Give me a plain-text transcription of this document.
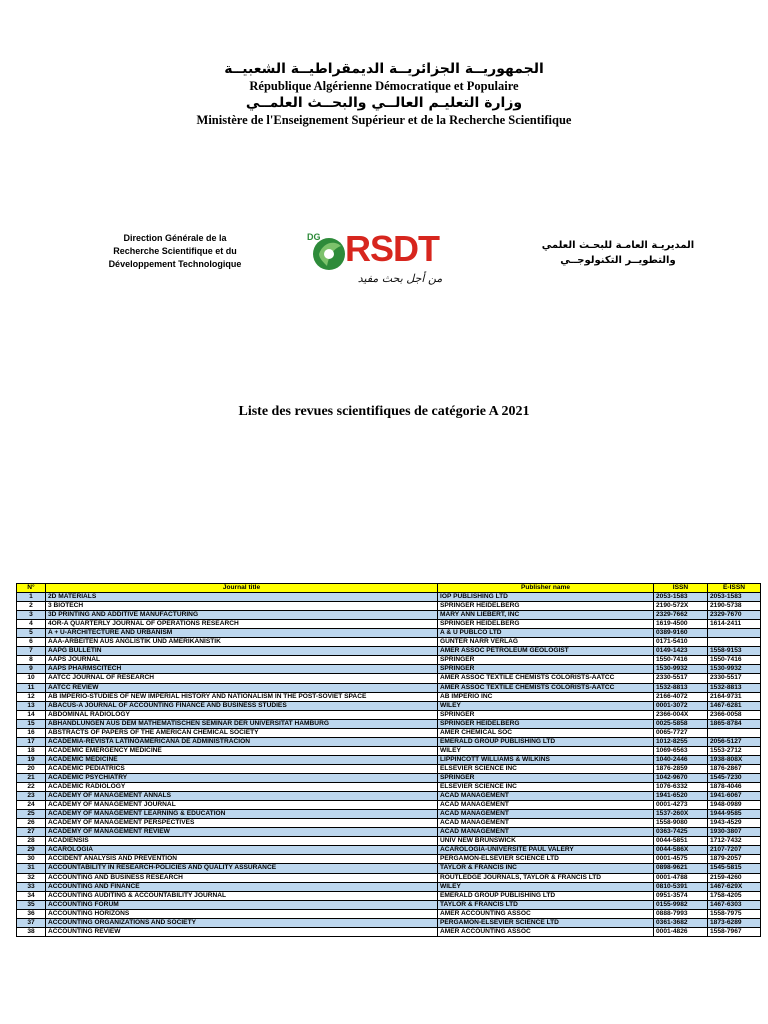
الجمهوريــة الجزائريــة الديمقراطيــة الشعبيــة
République Algérienne Démocratique et Populaire
وزارة التعليـم العالــي والبحــث العلمــي
Ministère de l'Enseignement Supérieur et de la Recherche Scientifique
Direction Générale de la
Recherche Scientifique et du
Développement Technologique
DG RSDT
من أجل بحث مفيد
المديريـة العامـة للبحـث العلمي
والتطويــر التكنولوجــي
Liste des revues scientifiques de catégorie A 2021
N°	Journal title	Publisher name	ISSN	E-ISSN
1	2D MATERIALS	IOP PUBLISHING LTD	2053-1583	2053-1583
2	3 BIOTECH	SPRINGER HEIDELBERG	2190-572X	2190-5738
3	3D PRINTING AND ADDITIVE MANUFACTURING	MARY ANN LIEBERT, INC	2329-7662	2329-7670
4	4OR-A QUARTERLY JOURNAL OF OPERATIONS RESEARCH	SPRINGER HEIDELBERG	1619-4500	1614-2411
5	A + U-ARCHITECTURE AND URBANISM	A & U PUBLCO LTD	0389-9160	
6	AAA-ARBEITEN AUS ANGLISTIK UND AMERIKANISTIK	GUNTER NARR VERLAG	0171-5410	
7	AAPG BULLETIN	AMER ASSOC PETROLEUM GEOLOGIST	0149-1423	1558-9153
8	AAPS JOURNAL	SPRINGER	1550-7416	1550-7416
9	AAPS PHARMSCITECH	SPRINGER	1530-9932	1530-9932
10	AATCC JOURNAL OF RESEARCH	AMER ASSOC TEXTILE CHEMISTS COLORISTS-AATCC	2330-5517	2330-5517
11	AATCC REVIEW	AMER ASSOC TEXTILE CHEMISTS COLORISTS-AATCC	1532-8813	1532-8813
12	AB IMPERIO-STUDIES OF NEW IMPERIAL HISTORY AND NATIONALISM IN THE POST-SOVIET SPACE	AB IMPERIO INC	2166-4072	2164-9731
13	ABACUS-A JOURNAL OF ACCOUNTING FINANCE AND BUSINESS STUDIES	WILEY	0001-3072	1467-6281
14	ABDOMINAL RADIOLOGY	SPRINGER	2366-004X	2366-0058
15	ABHANDLUNGEN AUS DEM MATHEMATISCHEN SEMINAR DER UNIVERSITAT HAMBURG	SPRINGER HEIDELBERG	0025-5858	1865-8784
16	ABSTRACTS OF PAPERS OF THE AMERICAN CHEMICAL SOCIETY	AMER CHEMICAL SOC	0065-7727	
17	ACADEMIA-REVISTA LATINOAMERICANA DE ADMINISTRACION	EMERALD GROUP PUBLISHING LTD	1012-8255	2056-5127
18	ACADEMIC EMERGENCY MEDICINE	WILEY	1069-6563	1553-2712
19	ACADEMIC MEDICINE	LIPPINCOTT WILLIAMS & WILKINS	1040-2446	1938-808X
20	ACADEMIC PEDIATRICS	ELSEVIER SCIENCE INC	1876-2859	1876-2867
21	ACADEMIC PSYCHIATRY	SPRINGER	1042-9670	1545-7230
22	ACADEMIC RADIOLOGY	ELSEVIER SCIENCE INC	1076-6332	1878-4046
23	ACADEMY OF MANAGEMENT ANNALS	ACAD MANAGEMENT	1941-6520	1941-6067
24	ACADEMY OF MANAGEMENT JOURNAL	ACAD MANAGEMENT	0001-4273	1948-0989
25	ACADEMY OF MANAGEMENT LEARNING & EDUCATION	ACAD MANAGEMENT	1537-260X	1944-9585
26	ACADEMY OF MANAGEMENT PERSPECTIVES	ACAD MANAGEMENT	1558-9080	1943-4529
27	ACADEMY OF MANAGEMENT REVIEW	ACAD MANAGEMENT	0363-7425	1930-3807
28	ACADIENSIS	UNIV NEW BRUNSWICK	0044-5851	1712-7432
29	ACAROLOGIA	ACAROLOGIA-UNIVERSITE PAUL VALERY	0044-586X	2107-7207
30	ACCIDENT ANALYSIS AND PREVENTION	PERGAMON-ELSEVIER SCIENCE LTD	0001-4575	1879-2057
31	ACCOUNTABILITY IN RESEARCH-POLICIES AND QUALITY ASSURANCE	TAYLOR & FRANCIS INC	0898-9621	1545-5815
32	ACCOUNTING AND BUSINESS RESEARCH	ROUTLEDGE JOURNALS, TAYLOR & FRANCIS LTD	0001-4788	2159-4260
33	ACCOUNTING AND FINANCE	WILEY	0810-5391	1467-629X
34	ACCOUNTING AUDITING & ACCOUNTABILITY JOURNAL	EMERALD GROUP PUBLISHING LTD	0951-3574	1758-4205
35	ACCOUNTING FORUM	TAYLOR & FRANCIS LTD	0155-9982	1467-6303
36	ACCOUNTING HORIZONS	AMER ACCOUNTING ASSOC	0888-7993	1558-7975
37	ACCOUNTING ORGANIZATIONS AND SOCIETY	PERGAMON-ELSEVIER SCIENCE LTD	0361-3682	1873-6289
38	ACCOUNTING REVIEW	AMER ACCOUNTING ASSOC	0001-4826	1558-7967
